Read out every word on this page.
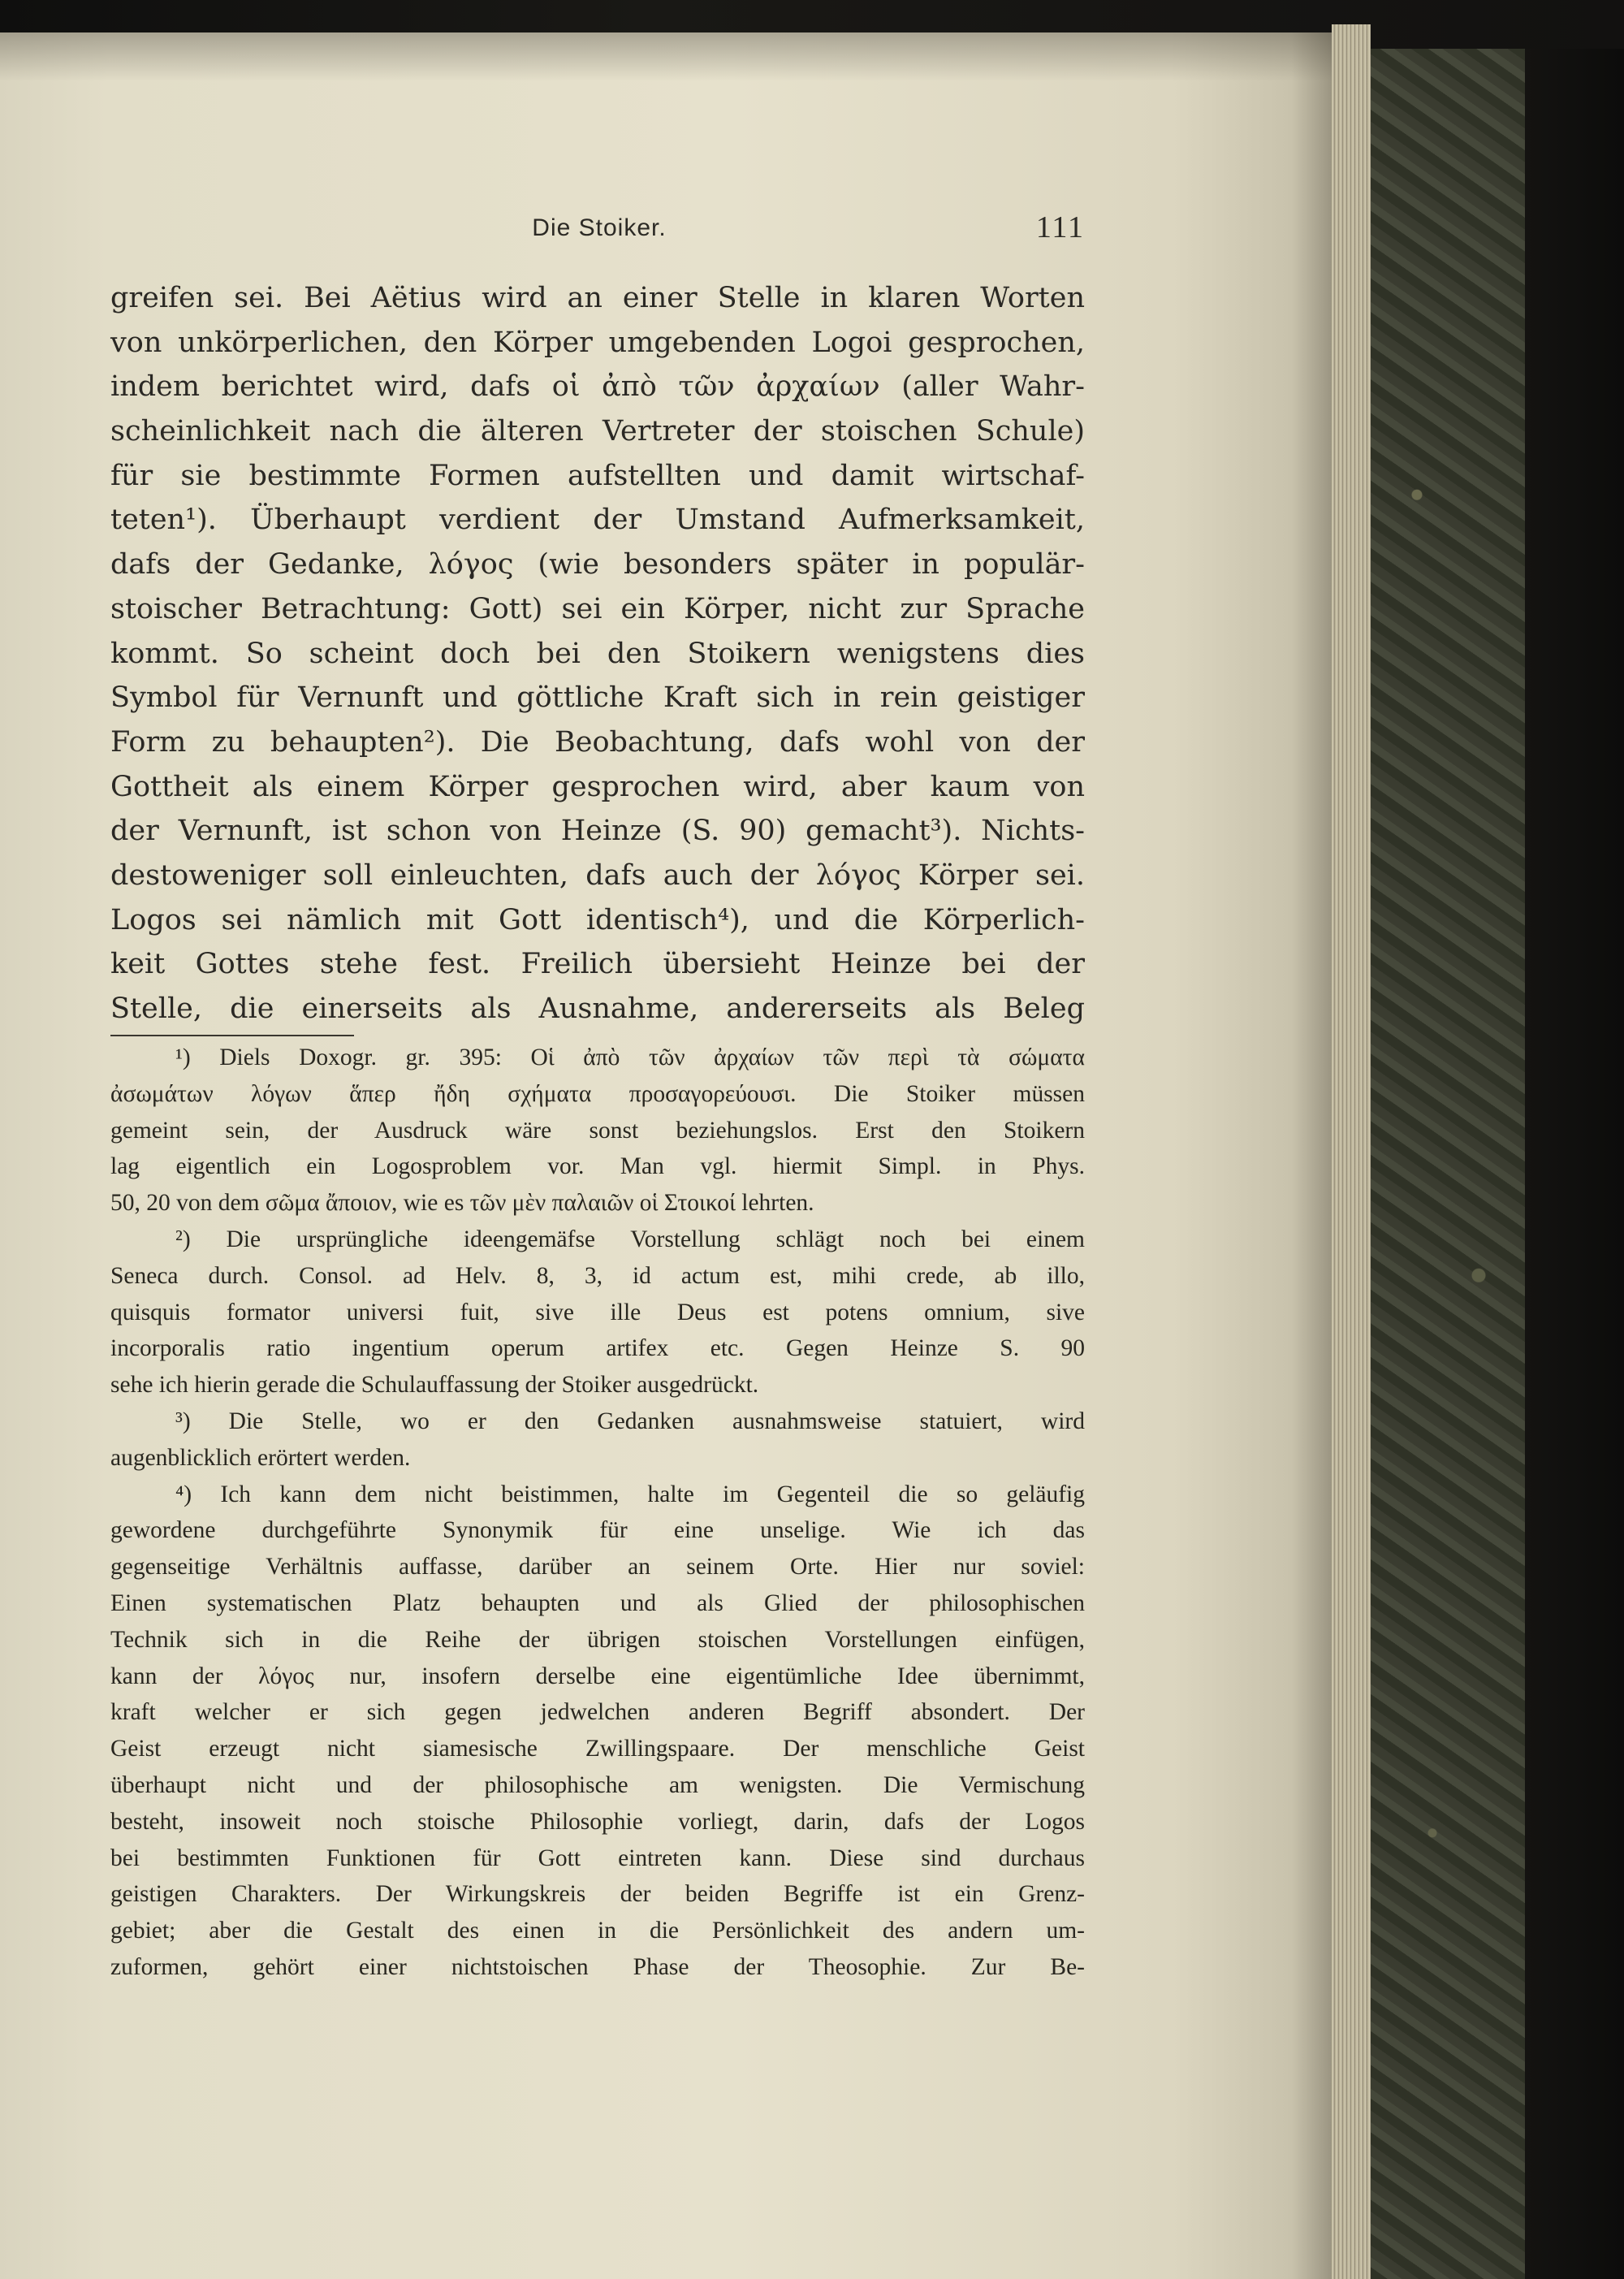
Die Stoiker.	111
greifen sei. Bei Aëtius wird an einer Stelle in klaren Worten
von unkörperlichen, den Körper umgebenden Logoi gesprochen,
indem berichtet wird, dafs οἱ ἀπὸ τῶν ἀρχαίων (aller Wahr-
scheinlichkeit nach die älteren Vertreter der stoischen Schule)
für sie bestimmte Formen aufstellten und damit wirtschaf-
teten¹). Überhaupt verdient der Umstand Aufmerksamkeit,
dafs der Gedanke, λόγος (wie besonders später in populär-
stoischer Betrachtung: Gott) sei ein Körper, nicht zur Sprache
kommt. So scheint doch bei den Stoikern wenigstens dies
Symbol für Vernunft und göttliche Kraft sich in rein geistiger
Form zu behaupten²). Die Beobachtung, dafs wohl von der
Gottheit als einem Körper gesprochen wird, aber kaum von
der Vernunft, ist schon von Heinze (S. 90) gemacht³). Nichts-
destoweniger soll einleuchten, dafs auch der λόγος Körper sei.
Logos sei nämlich mit Gott identisch⁴), und die Körperlich-
keit Gottes stehe fest. Freilich übersieht Heinze bei der
Stelle, die einerseits als Ausnahme, andererseits als Beleg
¹) Diels Doxogr. gr. 395: Οἱ ἀπὸ τῶν ἀρχαίων τῶν περὶ τὰ σώματα
ἀσωμάτων λόγων ἅπερ ἤδη σχήματα προσαγορεύουσι. Die Stoiker müssen
gemeint sein, der Ausdruck wäre sonst beziehungslos. Erst den Stoikern
lag eigentlich ein Logosproblem vor. Man vgl. hiermit Simpl. in Phys.
50, 20 von dem σῶμα ἄποιον, wie es τῶν μὲν παλαιῶν οἱ Στοικοί lehrten.
²) Die ursprüngliche ideengemäfse Vorstellung schlägt noch bei einem
Seneca durch. Consol. ad Helv. 8, 3, id actum est, mihi crede, ab illo,
quisquis formator universi fuit, sive ille Deus est potens omnium, sive
incorporalis ratio ingentium operum artifex etc. Gegen Heinze S. 90
sehe ich hierin gerade die Schulauffassung der Stoiker ausgedrückt.
³) Die Stelle, wo er den Gedanken ausnahmsweise statuiert, wird
augenblicklich erörtert werden.
⁴) Ich kann dem nicht beistimmen, halte im Gegenteil die so geläufig
gewordene durchgeführte Synonymik für eine unselige. Wie ich das
gegenseitige Verhältnis auffasse, darüber an seinem Orte. Hier nur soviel:
Einen systematischen Platz behaupten und als Glied der philosophischen
Technik sich in die Reihe der übrigen stoischen Vorstellungen einfügen,
kann der λόγος nur, insofern derselbe eine eigentümliche Idee übernimmt,
kraft welcher er sich gegen jedwelchen anderen Begriff absondert. Der
Geist erzeugt nicht siamesische Zwillingspaare. Der menschliche Geist
überhaupt nicht und der philosophische am wenigsten. Die Vermischung
besteht, insoweit noch stoische Philosophie vorliegt, darin, dafs der Logos
bei bestimmten Funktionen für Gott eintreten kann. Diese sind durchaus
geistigen Charakters. Der Wirkungskreis der beiden Begriffe ist ein Grenz-
gebiet; aber die Gestalt des einen in die Persönlichkeit des andern um-
zuformen, gehört einer nichtstoischen Phase der Theosophie. Zur Be-
